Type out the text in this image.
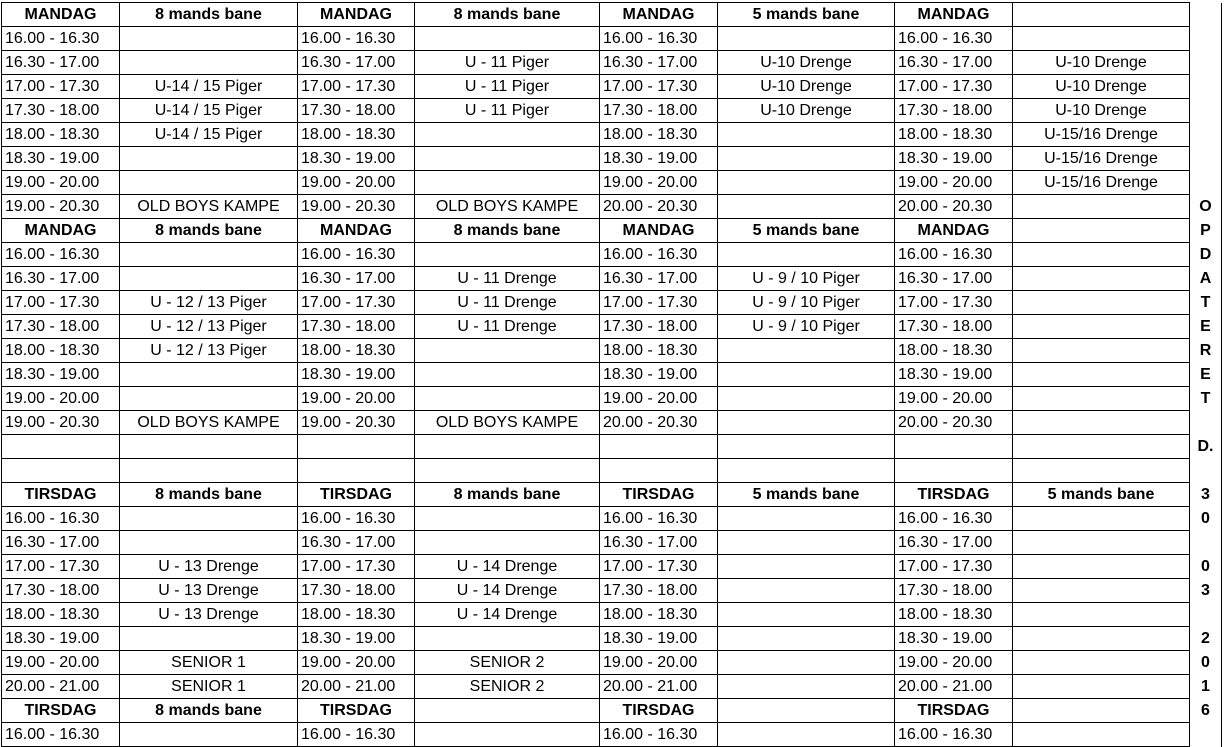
MANDAG	8 mands bane	MANDAG	8 mands bane	MANDAG	5 mands bane	MANDAG		
16.00 - 16.30		16.00 - 16.30		16.00 - 16.30		16.00 - 16.30		
16.30 - 17.00		16.30 - 17.00	U - 11 Piger	16.30 - 17.00	U-10 Drenge	16.30 - 17.00	U-10 Drenge	
17.00 - 17.30	U-14 / 15 Piger	17.00 - 17.30	U - 11 Piger	17.00 - 17.30	U-10 Drenge	17.00 - 17.30	U-10 Drenge	
17.30 - 18.00	U-14 / 15 Piger	17.30 - 18.00	U - 11 Piger	17.30 - 18.00	U-10 Drenge	17.30 - 18.00	U-10 Drenge	
18.00 - 18.30	U-14 / 15 Piger	18.00 - 18.30		18.00 - 18.30		18.00 - 18.30	U-15/16 Drenge	
18.30 - 19.00		18.30 - 19.00		18.30 - 19.00		18.30 - 19.00	U-15/16 Drenge	
19.00 - 20.00		19.00 - 20.00		19.00 - 20.00		19.00 - 20.00	U-15/16 Drenge	
19.00 - 20.30	OLD BOYS KAMPE	19.00 - 20.30	OLD BOYS KAMPE	20.00 - 20.30		20.00 - 20.30		O
MANDAG	8 mands bane	MANDAG	8 mands bane	MANDAG	5 mands bane	MANDAG		P
16.00 - 16.30		16.00 - 16.30		16.00 - 16.30		16.00 - 16.30		D
16.30 - 17.00		16.30 - 17.00	U - 11 Drenge	16.30 - 17.00	U - 9 / 10 Piger	16.30 - 17.00		A
17.00 - 17.30	U - 12 / 13 Piger	17.00 - 17.30	U - 11 Drenge	17.00 - 17.30	U - 9 / 10 Piger	17.00 - 17.30		T
17.30 - 18.00	U - 12 / 13 Piger	17.30 - 18.00	U - 11 Drenge	17.30 - 18.00	U - 9 / 10 Piger	17.30 - 18.00		E
18.00 - 18.30	U - 12 / 13 Piger	18.00 - 18.30		18.00 - 18.30		18.00 - 18.30		R
18.30 - 19.00		18.30 - 19.00		18.30 - 19.00		18.30 - 19.00		E
19.00 - 20.00		19.00 - 20.00		19.00 - 20.00		19.00 - 20.00		T
19.00 - 20.30	OLD BOYS KAMPE	19.00 - 20.30	OLD BOYS KAMPE	20.00 - 20.30		20.00 - 20.30		
								D.

TIRSDAG	8 mands bane	TIRSDAG	8 mands bane	TIRSDAG	5 mands bane	TIRSDAG	5 mands bane	3
16.00 - 16.30		16.00 - 16.30		16.00 - 16.30		16.00 - 16.30		0
16.30 - 17.00		16.30 - 17.00		16.30 - 17.00		16.30 - 17.00		
17.00 - 17.30	U - 13 Drenge	17.00 - 17.30	U - 14 Drenge	17.00 - 17.30		17.00 - 17.30		0
17.30 - 18.00	U - 13 Drenge	17.30 - 18.00	U - 14 Drenge	17.30 - 18.00		17.30 - 18.00		3
18.00 - 18.30	U - 13 Drenge	18.00 - 18.30	U - 14 Drenge	18.00 - 18.30		18.00 - 18.30		
18.30 - 19.00		18.30 - 19.00		18.30 - 19.00		18.30 - 19.00		2
19.00 - 20.00	SENIOR 1	19.00 - 20.00	SENIOR 2	19.00 - 20.00		19.00 - 20.00		0
20.00 - 21.00	SENIOR 1	20.00 - 21.00	SENIOR 2	20.00 - 21.00		20.00 - 21.00		1
TIRSDAG	8 mands bane	TIRSDAG		TIRSDAG		TIRSDAG		6
16.00 - 16.30		16.00 - 16.30		16.00 - 16.30		16.00 - 16.30		
